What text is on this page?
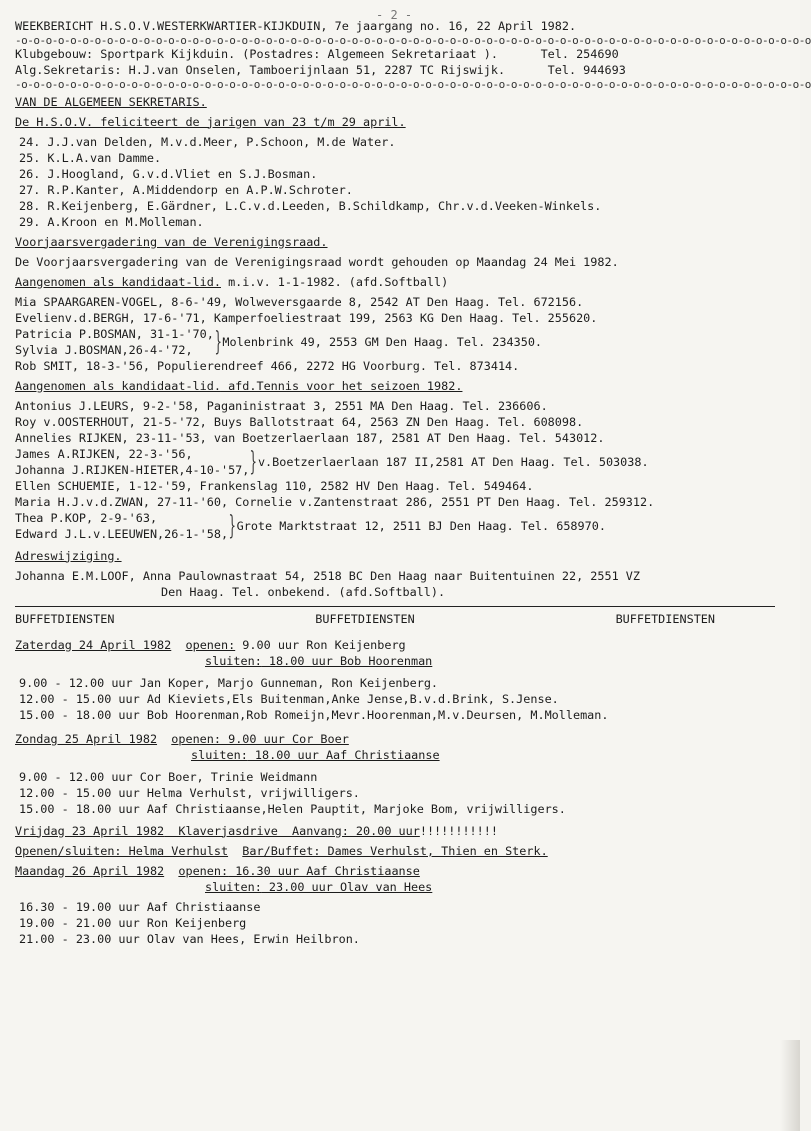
- 2 -
WEEKBERICHT H.S.O.V.WESTERKWARTIER-KIJKDUIN, 7e jaargang no. 16, 22 April 1982.
-o-o-o-o-o-o-o-o-o-o-o-o-o-o-o-o-o-o-o-o-o-o-o-o-o-o-o-o-o-o-o-o-o-o-o-o-o-o-o-o-o-o-o-o-o-o-o-o-o-o-o-o-o-o-o-o-o-o-o-o-o-o-o-o-o
Klubgebouw: Sportpark Kijkduin. (Postadres: Algemeen Sekretariaat ).      Tel. 254690
Alg.Sekretaris: H.J.van Onselen, Tamboerijnlaan 51, 2287 TC Rijswijk.      Tel. 944693
-o-o-o-o-o-o-o-o-o-o-o-o-o-o-o-o-o-o-o-o-o-o-o-o-o-o-o-o-o-o-o-o-o-o-o-o-o-o-o-o-o-o-o-o-o-o-o-o-o-o-o-o-o-o-o-o-o-o-o-o-o-o-o-o-o
VAN DE ALGEMEEN SEKRETARIS.
De H.S.O.V. feliciteert de jarigen van 23 t/m 29 april.
24. J.J.van Delden, M.v.d.Meer, P.Schoon, M.de Water.
25. K.L.A.van Damme.
26. J.Hoogland, G.v.d.Vliet en S.J.Bosman.
27. R.P.Kanter, A.Middendorp en A.P.W.Schroter.
28. R.Keijenberg, E.Gärdner, L.C.v.d.Leeden, B.Schildkamp, Chr.v.d.Veeken-Winkels.
29. A.Kroon en M.Molleman.
Voorjaarsvergadering van de Verenigingsraad.
De Voorjaarsvergadering van de Verenigingsraad wordt gehouden op Maandag 24 Mei 1982.
Aangenomen als kandidaat-lid. m.i.v. 1-1-1982. (afd.Softball)
Mia SPAARGAREN-VOGEL, 8-6-'49, Wolweversgaarde 8, 2542 AT Den Haag. Tel. 672156.
Evelienv.d.BERGH, 17-6-'71, Kamperfoeliestraat 199, 2563 KG Den Haag. Tel. 255620.
Patricia P.BOSMAN, 31-1-'70,
Sylvia J.BOSMAN,26-4-'72, } Molenbrink 49, 2553 GM Den Haag. Tel. 234350.
Rob SMIT, 18-3-'56, Populierendreef 466, 2272 HG Voorburg. Tel. 873414.
Aangenomen als kandidaat-lid. afd.Tennis voor het seizoen 1982.
Antonius J.LEURS, 9-2-'58, Paganinistraat 3, 2551 MA Den Haag. Tel. 236606.
Roy v.OOSTERHOUT, 21-5-'72, Buys Ballotstraat 64, 2563 ZN Den Haag. Tel. 608098.
Annelies RIJKEN, 23-11-'53, van Boetzerlaerlaan 187, 2581 AT Den Haag. Tel. 543012.
James A.RIJKEN, 22-3-'56,
Johanna J.RIJKEN-HIETER,4-10-'57, } v.Boetzerlaerlaan 187 II,2581 AT Den Haag. Tel. 503038.
Ellen SCHUEMIE, 1-12-'59, Frankenslag 110, 2582 HV Den Haag. Tel. 549464.
Maria H.J.v.d.ZWAN, 27-11-'60, Cornelie v.Zantenstraat 286, 2551 PT Den Haag. Tel. 259312.
Thea P.KOP, 2-9-'63,
Edward J.L.v.LEEUWEN,26-1-'58, } Grote Marktstraat 12, 2511 BJ Den Haag. Tel. 658970.
Adreswijziging.
Johanna E.M.LOOF, Anna Paulownastraat 54, 2518 BC Den Haag naar Buitentuinen 22, 2551 VZ
Den Haag. Tel. onbekend. (afd.Softball).
BUFFETDIENSTEN	BUFFETDIENSTEN	BUFFETDIENSTEN
Zaterdag 24 April 1982 openen: 9.00 uur Ron Keijenberg
sluiten: 18.00 uur Bob Hoorenman
9.00 - 12.00 uur Jan Koper, Marjo Gunneman, Ron Keijenberg.
12.00 - 15.00 uur Ad Kieviets,Els Buitenman,Anke Jense,B.v.d.Brink, S.Jense.
15.00 - 18.00 uur Bob Hoorenman,Rob Romeijn,Mevr.Hoorenman,M.v.Deursen, M.Molleman.
Zondag 25 April 1982 openen: 9.00 uur Cor Boer
sluiten: 18.00 uur Aaf Christiaanse
9.00 - 12.00 uur Cor Boer, Trinie Weidmann
12.00 - 15.00 uur Helma Verhulst, vrijwilligers.
15.00 - 18.00 uur Aaf Christiaanse,Helen Pauptit, Marjoke Bom, vrijwilligers.
Vrijdag 23 April 1982  Klaverjasdrive  Aanvang: 20.00 uur!!!!!!!!!!!
Openen/sluiten: Helma Verhulst Bar/Buffet: Dames Verhulst, Thien en Sterk.
Maandag 26 April 1982 openen: 16.30 uur Aaf Christiaanse
sluiten: 23.00 uur Olav van Hees
16.30 - 19.00 uur Aaf Christiaanse
19.00 - 21.00 uur Ron Keijenberg
21.00 - 23.00 uur Olav van Hees, Erwin Heilbron.
